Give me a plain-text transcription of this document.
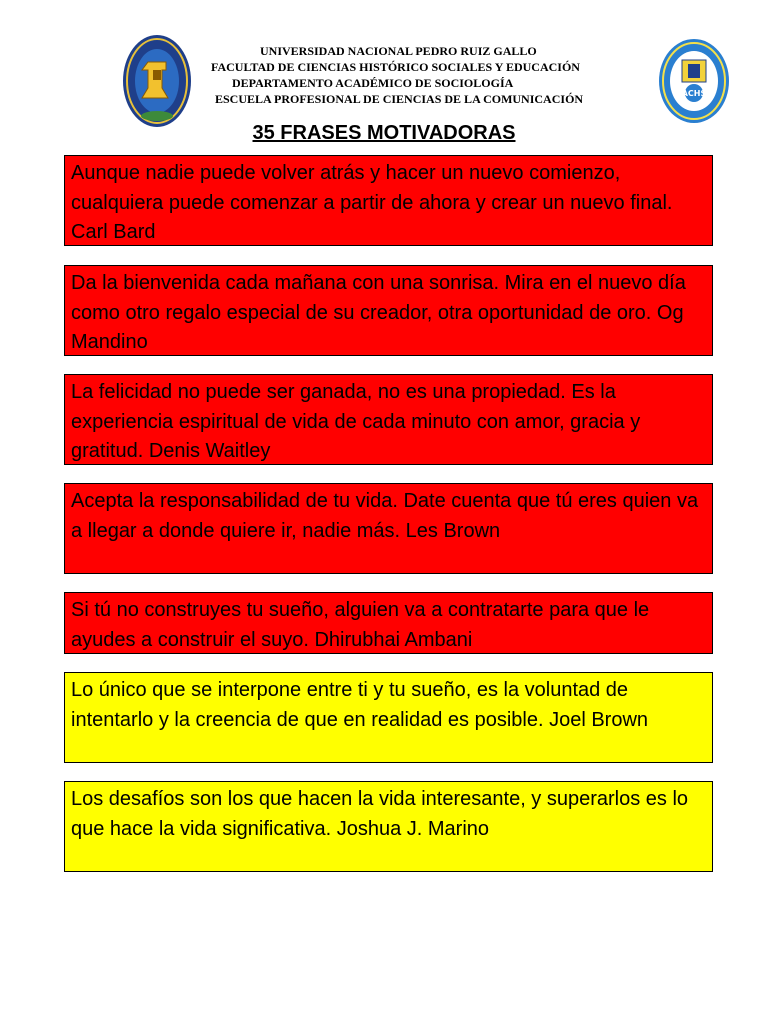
ACHS
UNIVERSIDAD NACIONAL PEDRO RUIZ GALLO
FACULTAD DE CIENCIAS HISTÓRICO SOCIALES Y EDUCACIÓN
DEPARTAMENTO ACADÉMICO DE SOCIOLOGÍA
ESCUELA PROFESIONAL DE CIENCIAS DE LA COMUNICACIÓN
35 FRASES MOTIVADORAS
Aunque nadie puede volver atrás y hacer un nuevo comienzo, cualquiera puede comenzar a partir de ahora y crear un nuevo final. Carl Bard
Da la bienvenida cada mañana con una sonrisa. Mira en el nuevo día como otro regalo especial de su creador, otra oportunidad de oro. Og Mandino
La felicidad no puede ser ganada, no es una propiedad. Es la experiencia espiritual de vida de cada minuto con amor, gracia y gratitud. Denis Waitley
Acepta la responsabilidad de tu vida. Date cuenta que tú eres quien va a llegar a donde quiere ir, nadie más. Les Brown
Si tú no construyes tu sueño, alguien va a contratarte para que le ayudes a construir el suyo. Dhirubhai Ambani
Lo único que se interpone entre ti y tu sueño, es la voluntad de intentarlo y la creencia de que en realidad es posible. Joel Brown
Los desafíos son los que hacen la vida interesante, y superarlos es lo que hace la vida significativa. Joshua J. Marino
